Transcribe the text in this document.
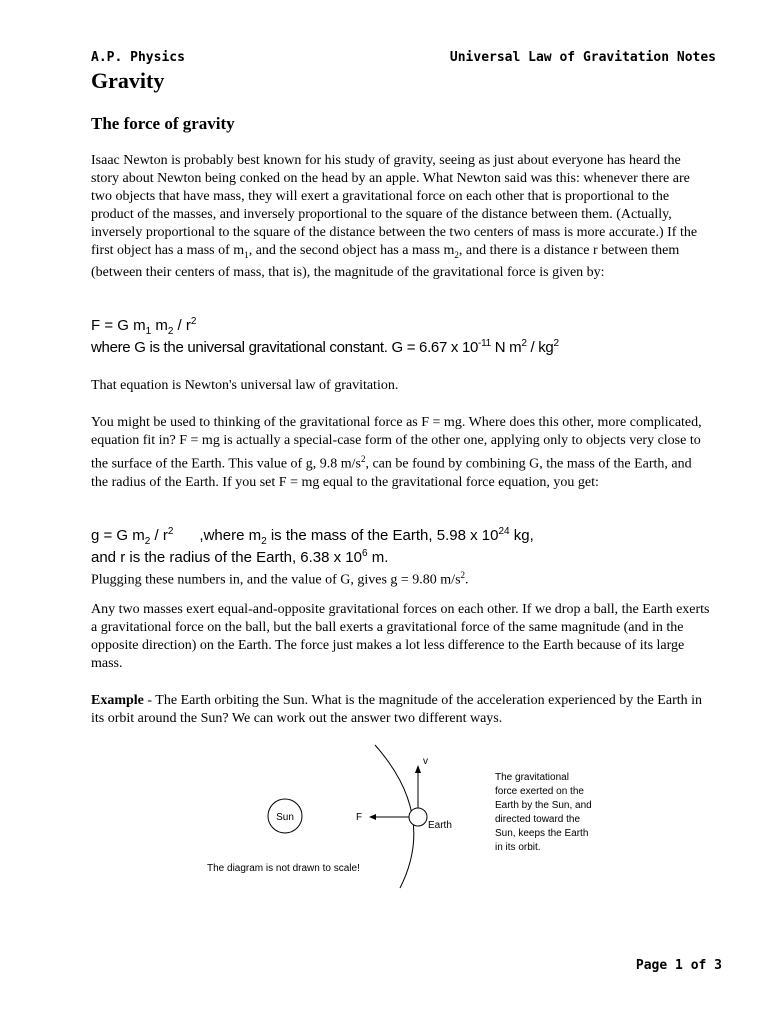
A.P. Physics	Universal Law of Gravitation Notes
Gravity
The force of gravity

Isaac Newton is probably best known for his study of gravity, seeing as just about everyone has heard the story about Newton being conked on the head by an apple. What Newton said was this: whenever there are two objects that have mass, they will exert a gravitational force on each other that is proportional to the product of the masses, and inversely proportional to the square of the distance between them. (Actually, inversely proportional to the square of the distance between the two centers of mass is more accurate.) If the first object has a mass of $m_1$, and the second object has a mass $m_2$, and there is a distance r between them (between their centers of mass, that is), the magnitude of the gravitational force is given by:

F = G $m_1$ $m_2 / r^2$
where G is the universal gravitational constant. G = 6.67 x $10^{-11}$ N $m^2 / kg^2$

That equation is Newton's universal law of gravitation.

You might be used to thinking of the gravitational force as F = mg. Where does this other, more complicated, equation fit in? F = mg is actually a special-case form of the other one, applying only to objects very close to the surface of the Earth. This value of g, 9.8 $m/s^2$, can be found by combining G, the mass of the Earth, and the radius of the Earth. If you set F = mg equal to the gravitational force equation, you get:

g = G $m_2 / r^2$ ,where $m_2$ is the mass of the Earth, 5.98 x $10^{24}$ kg,
and r is the radius of the Earth, 6.38 x $10^6$ m.

Plugging these numbers in, and the value of G, gives g = 9.80 $m/s^2$.

Any two masses exert equal-and-opposite gravitational forces on each other. If we drop a ball, the Earth exerts a gravitational force on the ball, but the ball exerts a gravitational force of the same magnitude (and in the opposite direction) on the Earth. The force just makes a lot less difference to the Earth because of its large mass.

Example - The Earth orbiting the Sun. What is the magnitude of the acceleration experienced by the Earth in its orbit around the Sun? We can work out the answer two different ways.

Sun
Earth
F
v
The diagram is not drawn to scale!
The gravitational
force exerted on the
Earth by the Sun, and
directed toward the
Sun, keeps the Earth
in its orbit.
Page 1 of 3
